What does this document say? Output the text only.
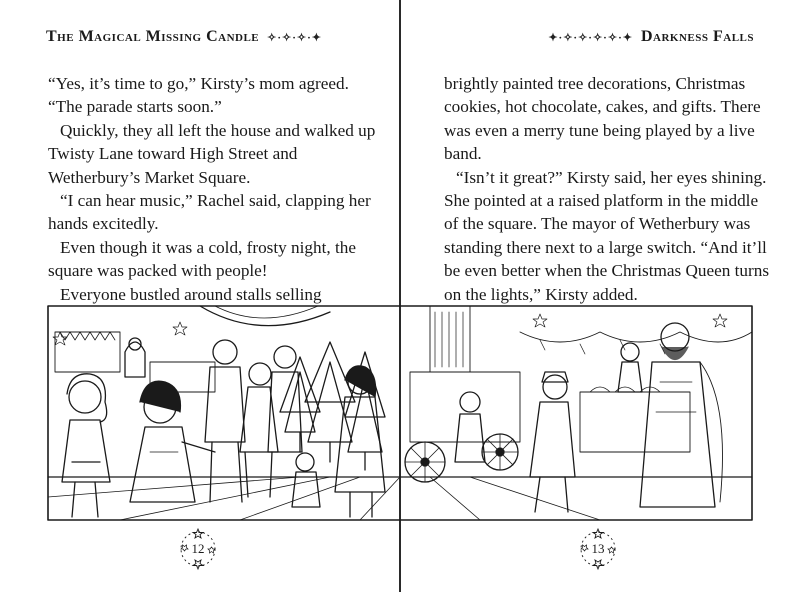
The Magical Missing Candle ✧·✧·✧·✦

“Yes, it’s time to go,” Kirsty’s mom agreed. “The parade starts soon.”

Quickly, they all left the house and walked up Twisty Lane toward High Street and Wetherbury’s Market Square.

“I can hear music,” Rachel said, clapping her hands excitedly.

Even though it was a cold, frosty night, the square was packed with people!

Everyone bustled around stalls selling

✦·✧·✧·✧·✧·✦ Darkness Falls

brightly painted tree decorations, Christmas cookies, hot chocolate, cakes, and gifts. There was even a merry tune being played by a live band.

“Isn’t it great?” Kirsty said, her eyes shining. She pointed at a raised platform in the middle of the square. The mayor of Wetherbury was standing there next to a large switch. “And it’ll be even better when the Christmas Queen turns on the lights,” Kirsty added.

12	13
